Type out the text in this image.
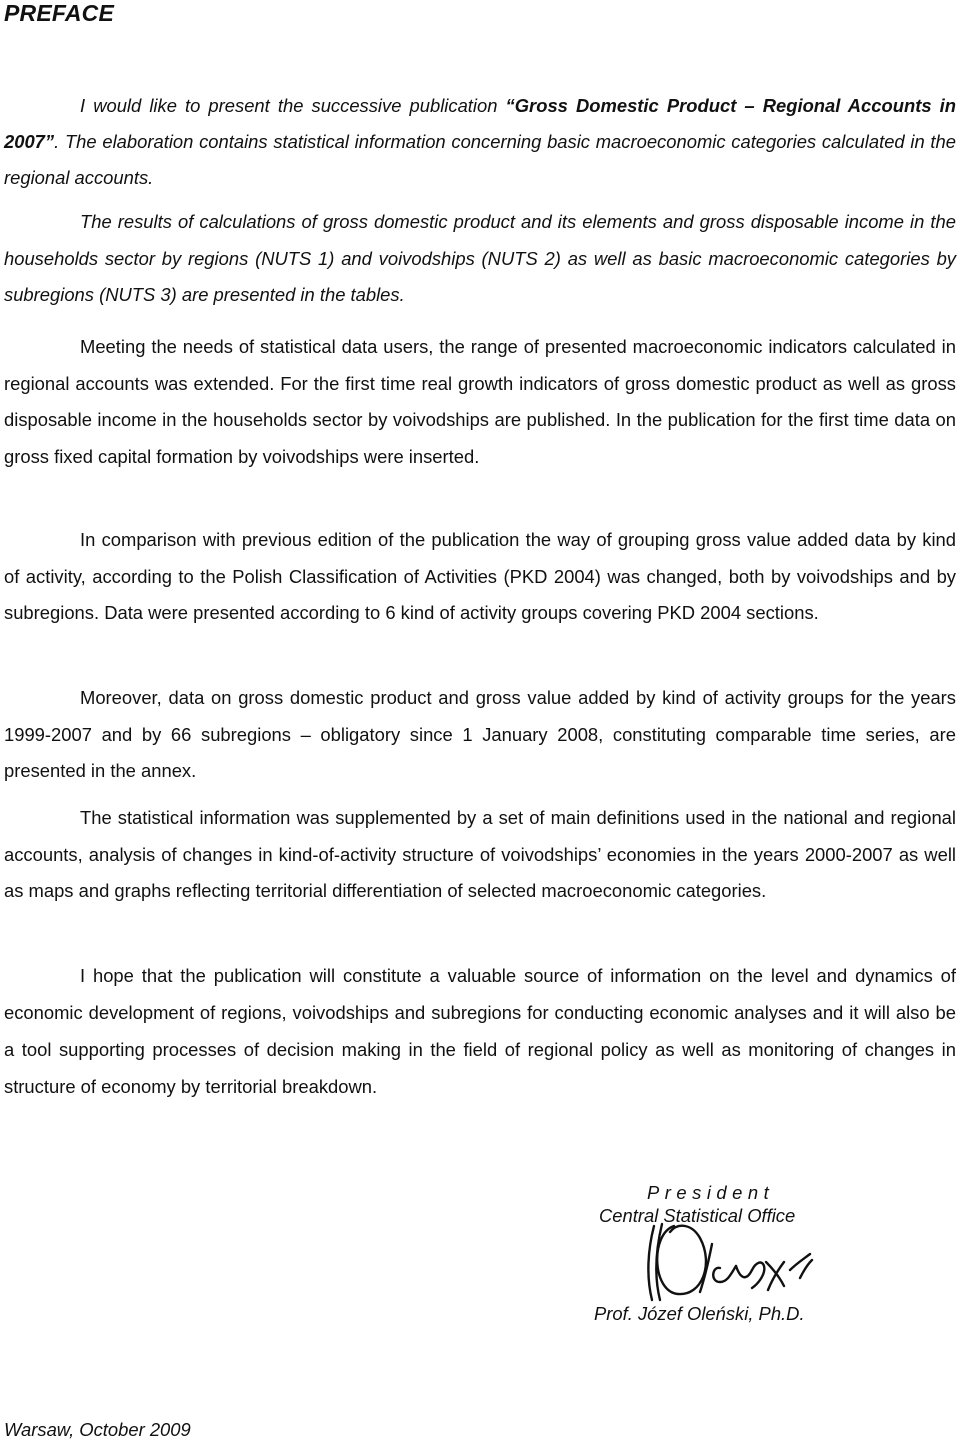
PREFACE

I would like to present the successive publication “Gross Domestic Product – Regional Accounts in 2007”. The elaboration contains statistical information concerning basic macroeconomic categories calculated in the regional accounts.

The results of calculations of gross domestic product and its elements and gross disposable income in the households sector by regions (NUTS 1) and voivodships (NUTS 2) as well as basic macroeconomic categories by subregions (NUTS 3) are presented in the tables.

Meeting the needs of statistical data users, the range of presented macroeconomic indicators calculated in regional accounts was extended. For the first time real growth indicators of gross domestic product as well as gross disposable income in the households sector by voivodships are published. In the publication for the first time data on gross fixed capital formation by voivodships were inserted.

In comparison with previous edition of the publication the way of grouping gross value added data by kind of activity, according to the Polish Classification of Activities (PKD 2004) was changed, both by voivodships and by subregions. Data were presented according to 6 kind of activity groups covering PKD 2004 sections.

Moreover, data on gross domestic product and gross value added by kind of activity groups for the years 1999-2007 and by 66 subregions – obligatory since 1 January 2008, constituting comparable time series, are presented in the annex.

The statistical information was supplemented by a set of main definitions used in the national and regional accounts, analysis of changes in kind-of-activity structure of voivodships’ economies in the years 2000-2007 as well as maps and graphs reflecting territorial differentiation of selected macroeconomic categories.

I hope that the publication will constitute a valuable source of information on the level and dynamics of economic development of regions, voivodships and subregions for conducting economic analyses and it will also be a tool supporting processes of decision making in the field of regional policy as well as monitoring of changes in structure of economy by territorial breakdown.

President
Central Statistical Office
Prof. Józef Oleński, Ph.D.
Warsaw, October 2009
